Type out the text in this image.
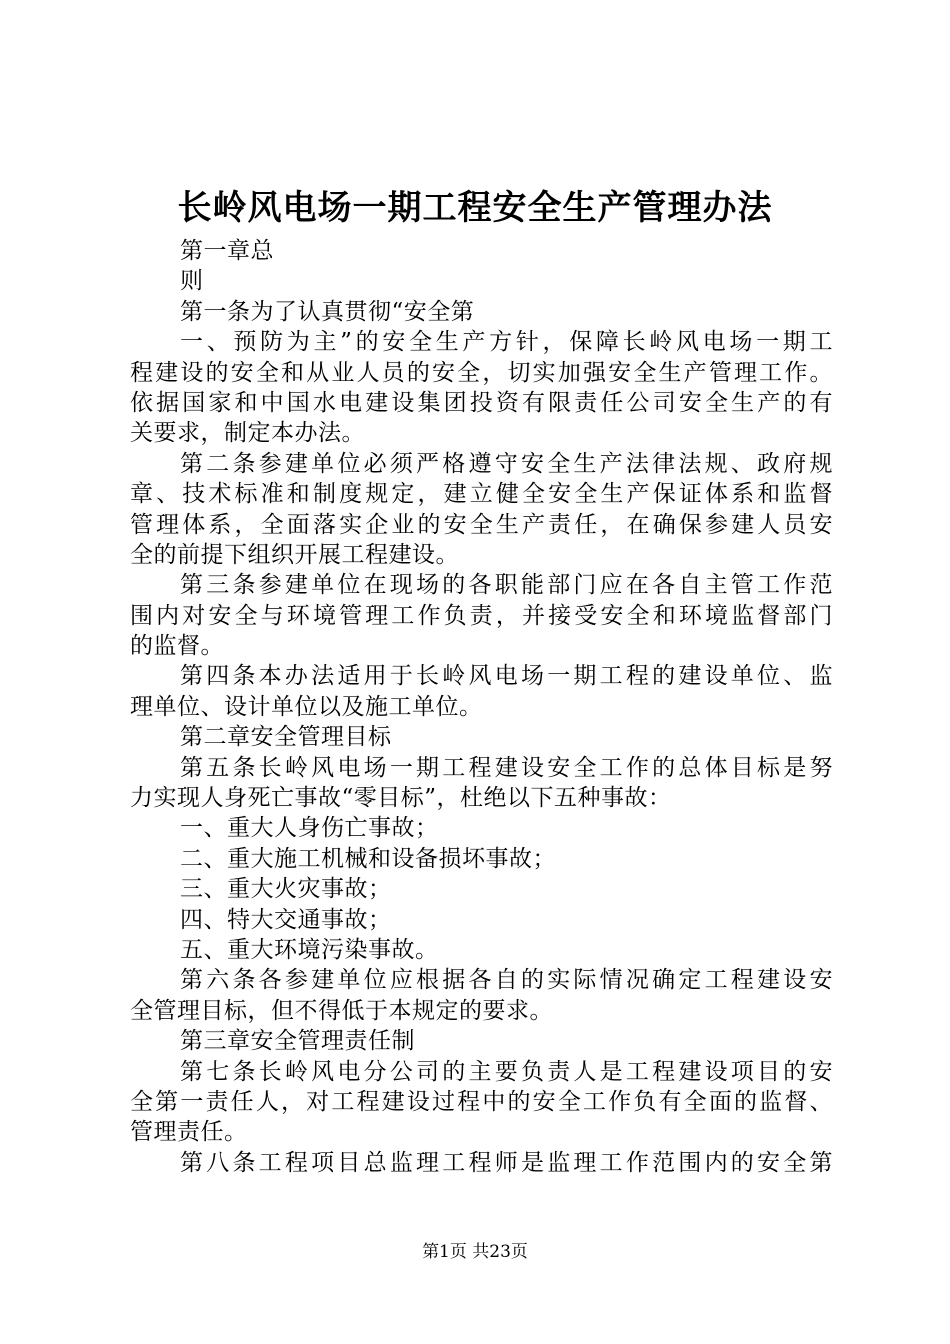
长岭风电场一期工程安全生产管理办法
第一章总
则
第一条为了认真贯彻“安全第
一、预防为主”的安全生产方针，保障长岭风电场一期工
程建设的安全和从业人员的安全，切实加强安全生产管理工作。
依据国家和中国水电建设集团投资有限责任公司安全生产的有
关要求，制定本办法。
第二条参建单位必须严格遵守安全生产法律法规、政府规
章、技术标准和制度规定，建立健全安全生产保证体系和监督
管理体系，全面落实企业的安全生产责任，在确保参建人员安
全的前提下组织开展工程建设。
第三条参建单位在现场的各职能部门应在各自主管工作范
围内对安全与环境管理工作负责，并接受安全和环境监督部门
的监督。
第四条本办法适用于长岭风电场一期工程的建设单位、监
理单位、设计单位以及施工单位。
第二章安全管理目标
第五条长岭风电场一期工程建设安全工作的总体目标是努
力实现人身死亡事故“零目标”，杜绝以下五种事故：
一、重大人身伤亡事故；
二、重大施工机械和设备损坏事故；
三、重大火灾事故；
四、特大交通事故；
五、重大环境污染事故。
第六条各参建单位应根据各自的实际情况确定工程建设安
全管理目标，但不得低于本规定的要求。
第三章安全管理责任制
第七条长岭风电分公司的主要负责人是工程建设项目的安
全第一责任人，对工程建设过程中的安全工作负有全面的监督、
管理责任。
第八条工程项目总监理工程师是监理工作范围内的安全第
第1页 共23页
